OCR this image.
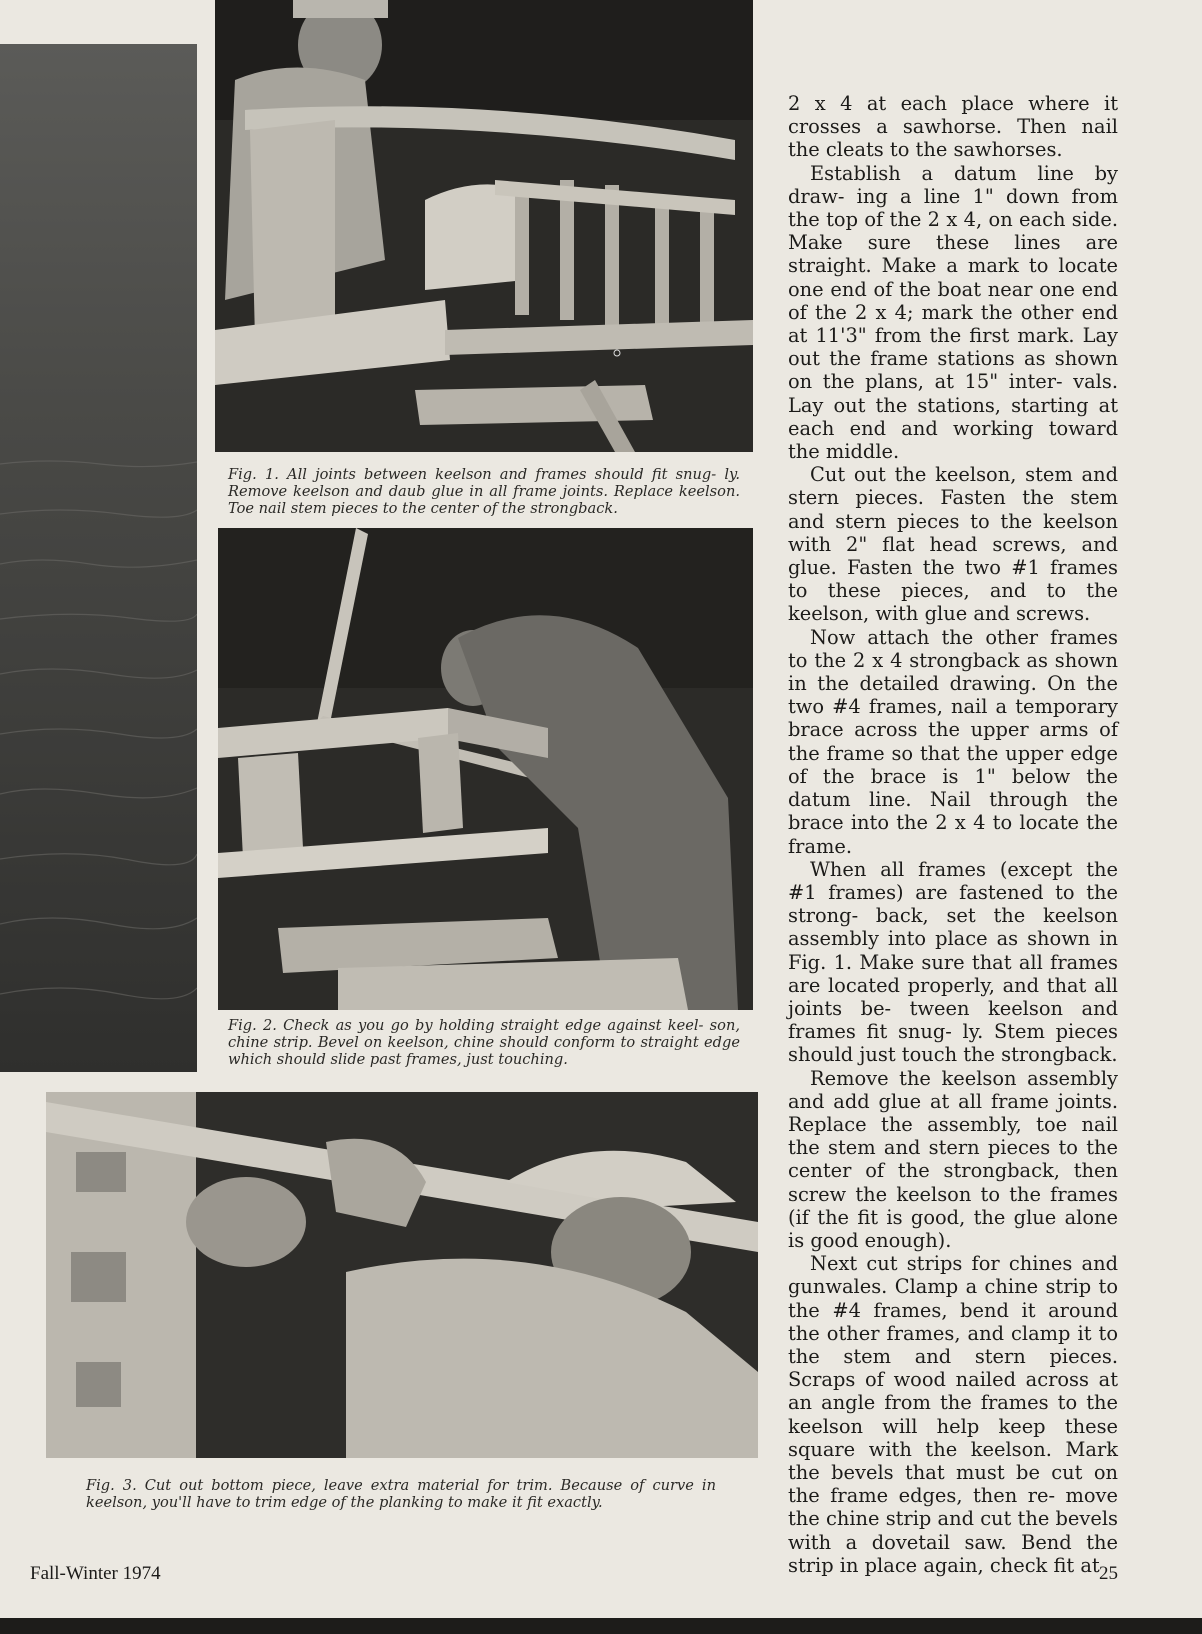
Fig. 1. All joints between keelson and frames should fit snug- ly. Remove keelson and daub glue in all frame joints. Replace keelson. Toe nail stem pieces to the center of the strongback.

Fig. 2. Check as you go by holding straight edge against keel- son, chine strip. Bevel on keelson, chine should conform to straight edge which should slide past frames, just touching.

Fig. 3. Cut out bottom piece, leave extra material for trim. Because of curve in keelson, you'll have to trim edge of the planking to make it fit exactly.

2 x 4 at each place where it crosses a sawhorse. Then nail the cleats to the sawhorses.

Establish a datum line by draw- ing a line 1" down from the top of the 2 x 4, on each side. Make sure these lines are straight. Make a mark to locate one end of the boat near one end of the 2 x 4; mark the other end at 11'3" from the first mark. Lay out the frame stations as shown on the plans, at 15" inter- vals. Lay out the stations, starting at each end and working toward the middle.

Cut out the keelson, stem and stern pieces. Fasten the stem and stern pieces to the keelson with 2" flat head screws, and glue. Fasten the two #1 frames to these pieces, and to the keelson, with glue and screws.

Now attach the other frames to the 2 x 4 strongback as shown in the detailed drawing. On the two #4 frames, nail a temporary brace across the upper arms of the frame so that the upper edge of the brace is 1" below the datum line. Nail through the brace into the 2 x 4 to locate the frame.

When all frames (except the #1 frames) are fastened to the strong- back, set the keelson assembly into place as shown in Fig. 1. Make sure that all frames are located properly, and that all joints be- tween keelson and frames fit snug- ly. Stem pieces should just touch the strongback.

Remove the keelson assembly and add glue at all frame joints. Replace the assembly, toe nail the stem and stern pieces to the center of the strongback, then screw the keelson to the frames (if the fit is good, the glue alone is good enough).

Next cut strips for chines and gunwales. Clamp a chine strip to the #4 frames, bend it around the other frames, and clamp it to the stem and stern pieces. Scraps of wood nailed across at an angle from the frames to the keelson will help keep these square with the keelson. Mark the bevels that must be cut on the frame edges, then re- move the chine strip and cut the bevels with a dovetail saw. Bend the strip in place again, check fit at

Fall-Winter 1974	25
